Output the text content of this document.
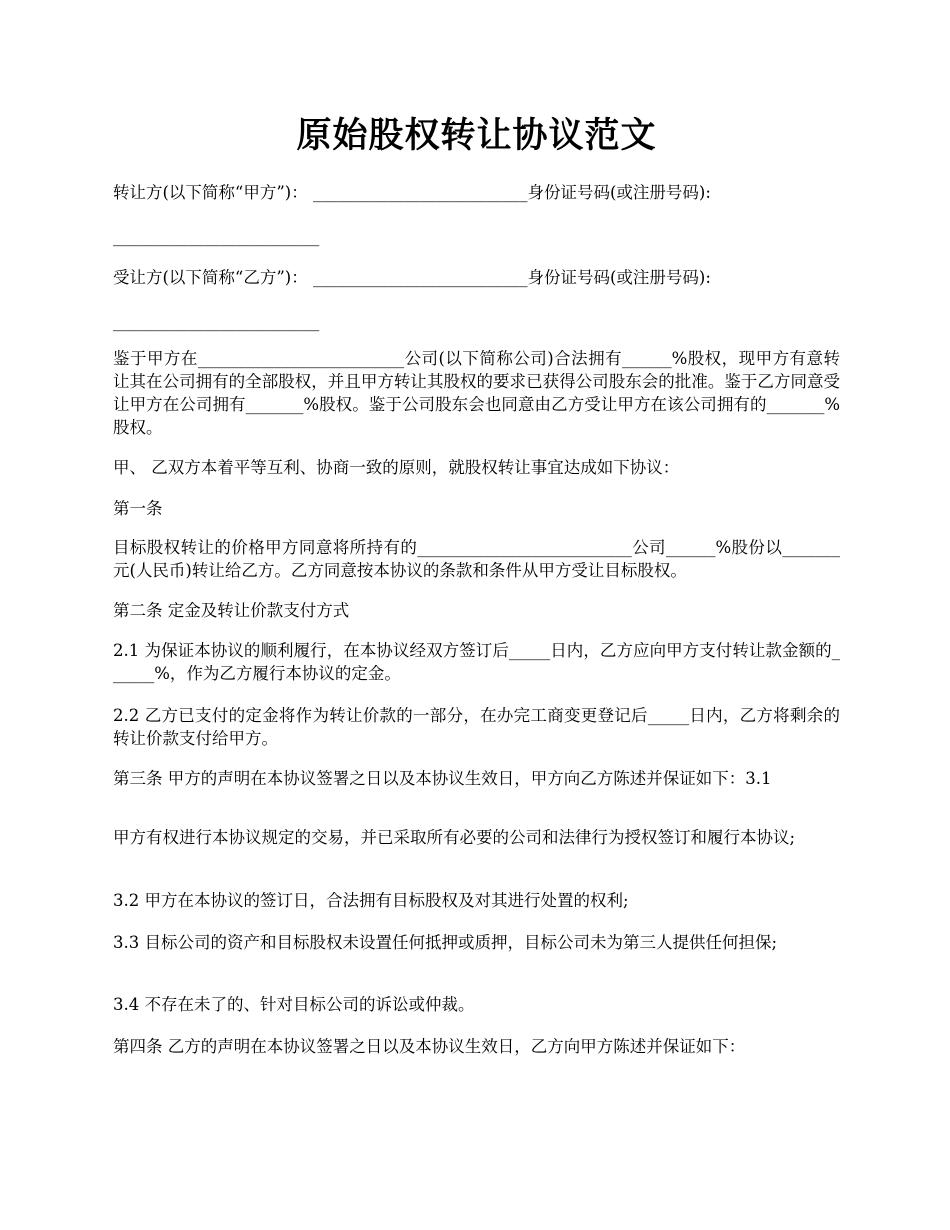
原始股权转让协议范文

转让方(以下简称“甲方”)： __________________________身份证号码(或注册号码):

_________________________

受让方(以下简称“乙方”)： __________________________身份证号码(或注册号码):

_________________________

鉴于甲方在_________________________公司(以下简称公司)合法拥有______%股权，现甲方有意转让其在公司拥有的全部股权，并且甲方转让其股权的要求已获得公司股东会的批准。鉴于乙方同意受让甲方在公司拥有_______%股权。鉴于公司股东会也同意由乙方受让甲方在该公司拥有的_______%股权。

甲、 乙双方本着平等互利、协商一致的原则，就股权转让事宜达成如下协议：

第一条

目标股权转让的价格甲方同意将所持有的__________________________公司______%股份以_______元(人民币)转让给乙方。乙方同意按本协议的条款和条件从甲方受让目标股权。

第二条 定金及转让价款支付方式

2.1 为保证本协议的顺利履行，在本协议经双方签订后_____日内，乙方应向甲方支付转让款金额的______%，作为乙方履行本协议的定金。

2.2 乙方已支付的定金将作为转让价款的一部分，在办完工商变更登记后_____日内，乙方将剩余的转让价款支付给甲方。

第三条 甲方的声明在本协议签署之日以及本协议生效日，甲方向乙方陈述并保证如下：3.1

甲方有权进行本协议规定的交易，并已采取所有必要的公司和法律行为授权签订和履行本协议;

3.2 甲方在本协议的签订日，合法拥有目标股权及对其进行处置的权利;

3.3 目标公司的资产和目标股权未设置任何抵押或质押，目标公司未为第三人提供任何担保;

3.4 不存在未了的、针对目标公司的诉讼或仲裁。

第四条 乙方的声明在本协议签署之日以及本协议生效日，乙方向甲方陈述并保证如下：
